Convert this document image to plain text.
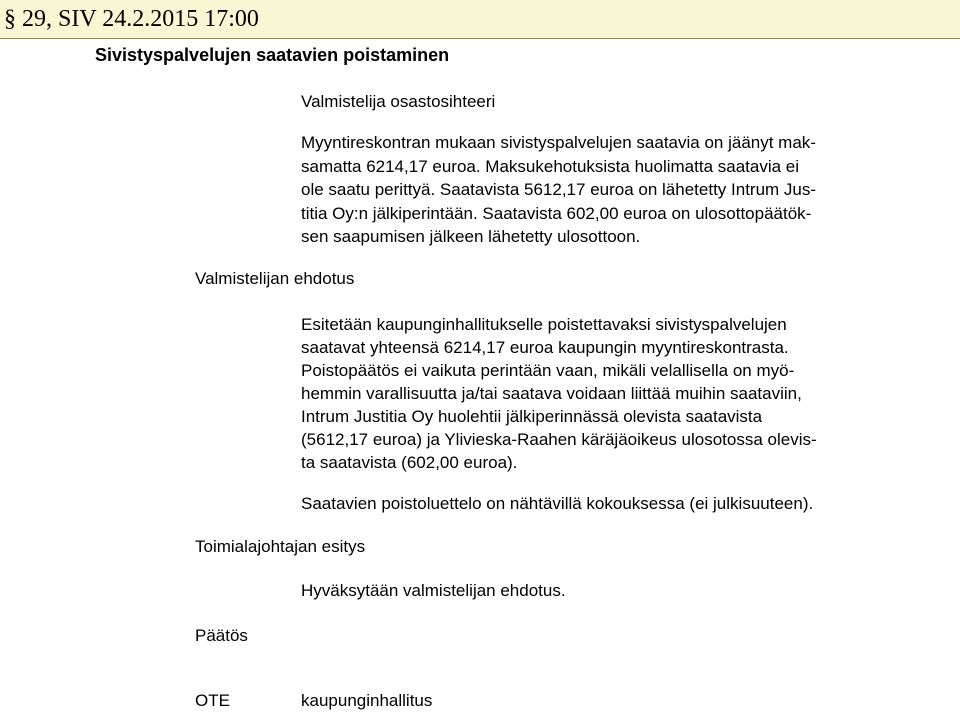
§ 29, SIV 24.2.2015 17:00
Sivistyspalvelujen saatavien poistaminen
Valmistelija osastosihteeri
Myyntireskontran mukaan sivistyspalvelujen saatavia on jäänyt mak-
samatta 6214,17 euroa. Maksukehotuksista huolimatta saatavia ei
ole saatu perittyä. Saatavista 5612,17 euroa on lähetetty Intrum Jus-
titia Oy:n jälkiperintään. Saatavista 602,00 euroa on ulosottopäätök-
sen saapumisen jälkeen lähetetty ulosottoon.
Valmistelijan ehdotus
Esitetään kaupunginhallitukselle poistettavaksi sivistyspalvelujen
saatavat yhteensä 6214,17 euroa kaupungin myyntireskontrasta.
Poistopäätös ei vaikuta perintään vaan, mikäli velallisella on myö-
hemmin varallisuutta ja/tai saatava voidaan liittää muihin saataviin,
Intrum Justitia Oy huolehtii jälkiperinnässä olevista saatavista
(5612,17 euroa) ja Ylivieska-Raahen käräjäoikeus ulosotossa olevis-
ta saatavista (602,00 euroa).
Saatavien poistoluettelo on nähtävillä kokouksessa (ei julkisuuteen).
Toimialajohtajan esitys
Hyväksytään valmistelijan ehdotus.
Päätös
OTE	kaupunginhallitus
